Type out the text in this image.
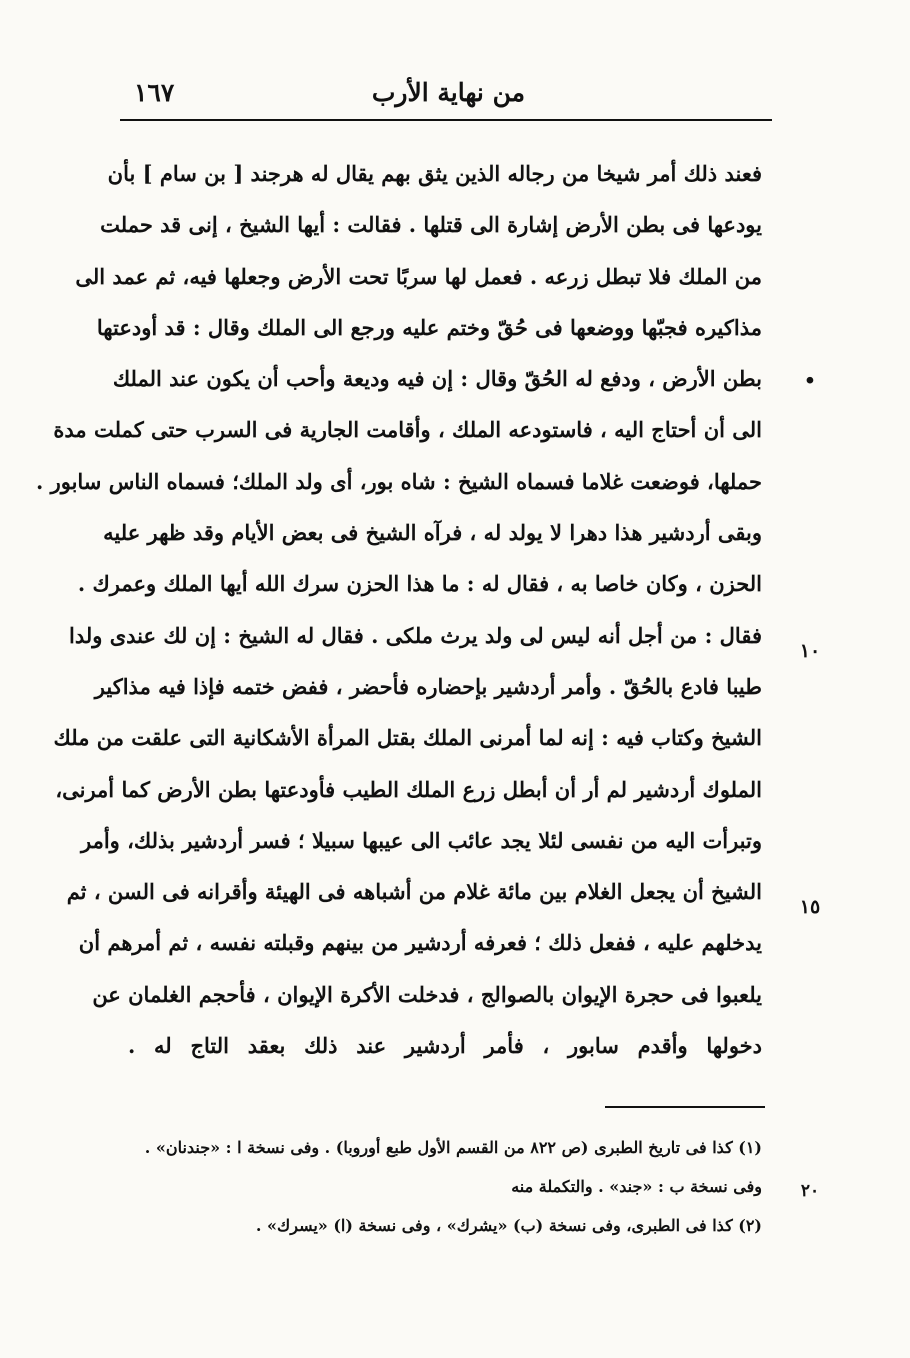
من نهاية الأرب
١٦٧
فعند ذلك أمر شيخا من رجاله الذين يثق بهم يقال له هرجند [ بن سام ] بأن
يودعها فى بطن الأرض إشارة الى قتلها . فقالت : أيها الشيخ ، إنى قد حملت
من الملك فلا تبطل زرعه . فعمل لها سربًا تحت الأرض وجعلها فيه، ثم عمد الى
مذاكيره فجبّها ووضعها فى حُقّ وختم عليه ورجع الى الملك وقال : قد أودعتها
بطن الأرض ، ودفع له الحُقّ وقال : إن فيه وديعة وأحب أن يكون عند الملك
الى أن أحتاج اليه ، فاستودعه الملك ، وأقامت الجارية فى السرب حتى كملت مدة
حملها، فوضعت غلاما فسماه الشيخ : شاه بور، أى ولد الملك؛ فسماه الناس سابور .
وبقى أردشير هذا دهرا لا يولد له ، فرآه الشيخ فى بعض الأيام وقد ظهر عليه
الحزن ، وكان خاصا به ، فقال له : ما هذا الحزن سرك الله أيها الملك وعمرك .
فقال : من أجل أنه ليس لى ولد يرث ملكى . فقال له الشيخ : إن لك عندى ولدا
طيبا فادع بالحُقّ . وأمر أردشير بإحضاره فأحضر ، ففض ختمه فإذا فيه مذاكير
الشيخ وكتاب فيه : إنه لما أمرنى الملك بقتل المرأة الأشكانية التى علقت من ملك
الملوك أردشير لم أر أن أبطل زرع الملك الطيب فأودعتها بطن الأرض كما أمرنى،
وتبرأت اليه من نفسى لئلا يجد عائب الى عيبها سبيلا ؛ فسر أردشير بذلك، وأمر
الشيخ أن يجعل الغلام بين مائة غلام من أشباهه فى الهيئة وأقرانه فى السن ، ثم
يدخلهم عليه ، ففعل ذلك ؛ فعرفه أردشير من بينهم وقبلته نفسه ، ثم أمرهم أن
يلعبوا فى حجرة الإيوان بالصوالج ، فدخلت الأكرة الإيوان ، فأحجم الغلمان عن
دخولها وأقدم سابور ، فأمر أردشير عند ذلك بعقد التاج له .
•
١٠
١٥
(١) كذا فى تاريخ الطبرى (ص ٨٢٢ من القسم الأول طبع أوروبا) . وفى نسخة ا : «جندنان» .
وفى نسخة ب : «جند» . والتكملة منه
(٢) كذا فى الطبرى، وفى نسخة (ب) «يشرك» ، وفى نسخة (ا) «يسرك» .
٢٠
